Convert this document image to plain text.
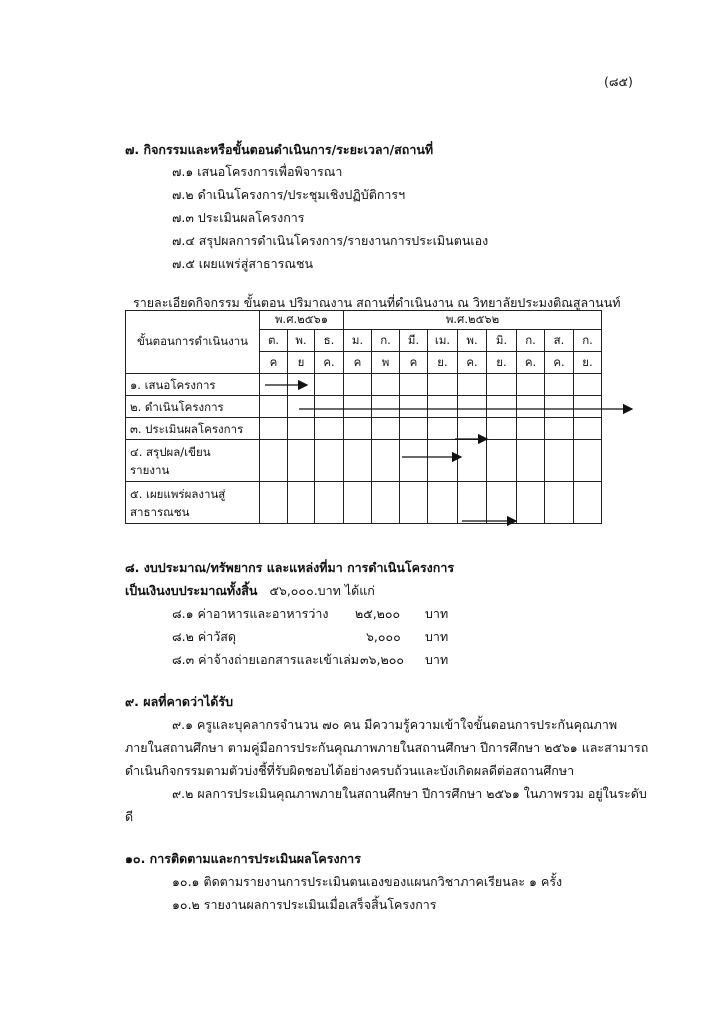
(๘๕)
๗. กิจกรรมและหรือขั้นตอนดำเนินการ/ระยะเวลา/สถานที่
๗.๑ เสนอโครงการเพื่อพิจารณา
๗.๒ ดำเนินโครงการ/ประชุมเชิงปฏิบัติการฯ
๗.๓ ประเมินผลโครงการ
๗.๔ สรุปผลการดำเนินโครงการ/รายงานการประเมินตนเอง
๗.๕ เผยแพร่สู่สาธารณชน
รายละเอียดกิจกรรม ขั้นตอน ปริมาณงาน สถานที่ดำเนินงาน ณ วิทยาลัยประมงติณสูลานนท์
ขั้นตอนการดำเนินงาน	พ.ศ.๒๕๖๑			พ.ศ.๒๕๖๒								
	ต.	พ.	ธ.	ม.	ก.	มี.	เม.	พ.	มิ.	ก.	ส.	ก.
	ค	ย	ค.	ค	พ	ค	ย.	ค.	ย.	ค.	ค.	ย.

๑. เสนอโครงการ												

๒. ดำเนินโครงการ												

๓. ประเมินผลโครงการ												

๔. สรุปผล/เขียน
รายงาน												

๕. เผยแพร่ผลงานสู่
สาธารณชน												

๘. งบประมาณ/ทรัพยากร และแหล่งที่มา การดำเนินโครงการ
เป็นเงินงบประมาณทั้งสิ้น ๕๖,๐๐๐.บาท ได้แก่
๘.๑ ค่าอาหารและอาหารว่าง ๒๕,๒๐๐ บาท
๘.๒ ค่าวัสดุ	๖,๐๐๐ บาท
๘.๓ ค่าจ้างถ่ายเอกสารและเข้าเล่ม ๓๖,๒๐๐ บาท
๙. ผลที่คาดว่าได้รับ
๙.๑ ครูและบุคลากรจำนวน ๗๐ คน มีความรู้ความเข้าใจขั้นตอนการประกันคุณภาพ
ภายในสถานศึกษา ตามคู่มือการประกันคุณภาพภายในสถานศึกษา ปีการศึกษา ๒๕๖๑ และสามารถ
ดำเนินกิจกรรมตามตัวบ่งชี้ที่รับผิดชอบได้อย่างครบถ้วนและบังเกิดผลดีต่อสถานศึกษา
๙.๒ ผลการประเมินคุณภาพภายในสถานศึกษา ปีการศึกษา ๒๕๖๑ ในภาพรวม อยู่ในระดับ
ดี
๑๐. การติดตามและการประเมินผลโครงการ
๑๐.๑ ติดตามรายงานการประเมินตนเองของแผนกวิชาภาคเรียนละ ๑ ครั้ง
๑๐.๒ รายงานผลการประเมินเมื่อเสร็จสิ้นโครงการ
